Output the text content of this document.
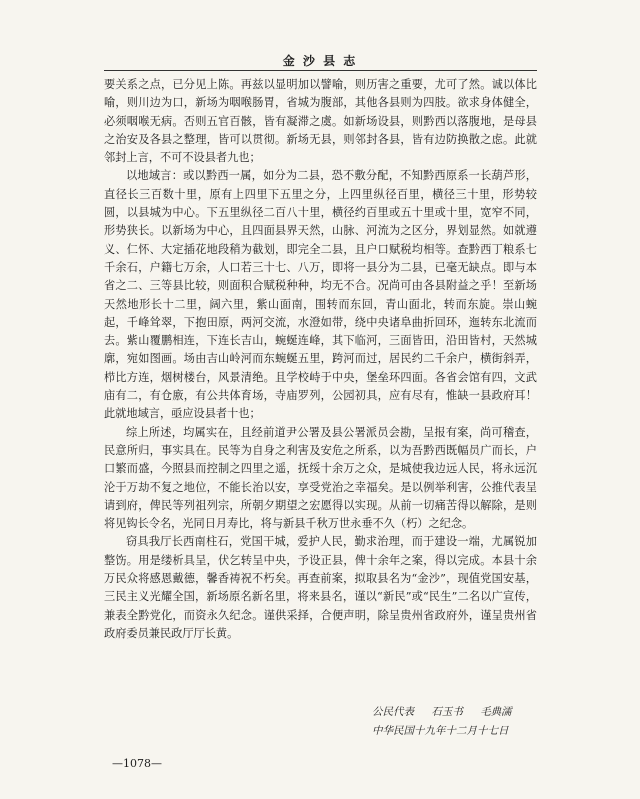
金 沙 县 志

要关系之点，已分见上陈。再兹以显明加以譬喻，则历害之重要，尤可了然。诚以体比喻，则川边为口，新场为咽喉肠胃，省城为腹部，其他各县则为四肢。欲求身体健全，必须咽喉无病。否则五官百骸，皆有凝滞之虞。如新场设县，则黔西以落腹地，是母县之治安及各县之整理，皆可以贯彻。新场无县，则邻封各县，皆有边防换散之虑。此就邻封上言，不可不设县者九也；

以地域言：或以黔西一属，如分为二县，恐不敷分配，不知黔西原系一长葫芦形，直径长三百数十里，原有上四里下五里之分，上四里纵径百里，横径三十里，形势较圆，以县城为中心。下五里纵径二百八十里，横径约百里或五十里或十里，宽窄不同，形势狭长。以新场为中心，且四面县界天然，山脉、河流为之区分，界划显然。如就遵义、仁怀、大定插花地段稍为截划，即完全二县，且户口赋税均相等。查黔西丁粮系七千余石，户籍七万余，人口若三十七、八万，即将一县分为二县，已毫无缺点。即与本省之二、三等县比较，则面积合赋税种种，均无不合。况尚可由各县附益之乎！至新场天然地形长十二里，阔六里，紫山面南，围转而东回，青山面北，转而东旋。崇山蜿起，千峰耸翠，下抱田原，两河交流，水澄如带，绕中央诸阜曲折回环，迤转东北流而去。紫山覆鹏相连，下连长吉山，蜿蜒连峰，其下临河，三面皆田，沿田皆村，天然城廓，宛如图画。场由吉山岭河而东蜿蜒五里，跨河而过，居民约二千余户，横街斜弄，栉比方连，烟树楼台，风景清绝。且学校峙于中央，堡垒环四面。各省会馆有四，文武庙有二，有仓廒，有公共体育场，寺庙罗列，公园初具，应有尽有，惟缺一县政府耳！此就地域言，亟应设县者十也；

综上所述，均属实在，且经前道尹公署及县公署派员会勘，呈报有案，尚可稽查，民意所归，事实具在。民等为自身之利害及安危之所系，以为吾黔西既幅员广而长，户口繁而盛，今照县而控制之四里之遥，抚绥十余万之众，是城使我边远人民，将永远沉沦于万劫不复之地位，不能长治以安，享受党治之幸福矣。是以例举利害，公推代表呈请到府，俾民等列祖列宗，所朝夕期望之宏愿得以实现。从前一切痛苦得以解除，是则将见钩长令名，光同日月寿比，将与新县千秋万世永垂不久（朽）之纪念。

窃具我厅长西南柱石，党国干城，爱护人民，勤求治理，而于建设一端，尤属锐加整饬。用是缕析具呈，伏乞转呈中央，予设正县，俾十余年之案，得以完成。本县十余万民众将感恩戴德，馨香祷祝不朽矣。再查前案，拟取县名为“金沙”，现值党国安基，三民主义光耀全国，新场原名新名里，将来县名，谨以“新民”或“民生”二名以广宣传，兼表全黔党化，而资永久纪念。谨供采择，合便声明，除呈贵州省政府外，谨呈贵州省政府委员兼民政厅厅长黄。

公民代表 石玉书 毛典濡
中华民国十九年十二月十七日
—1078—
